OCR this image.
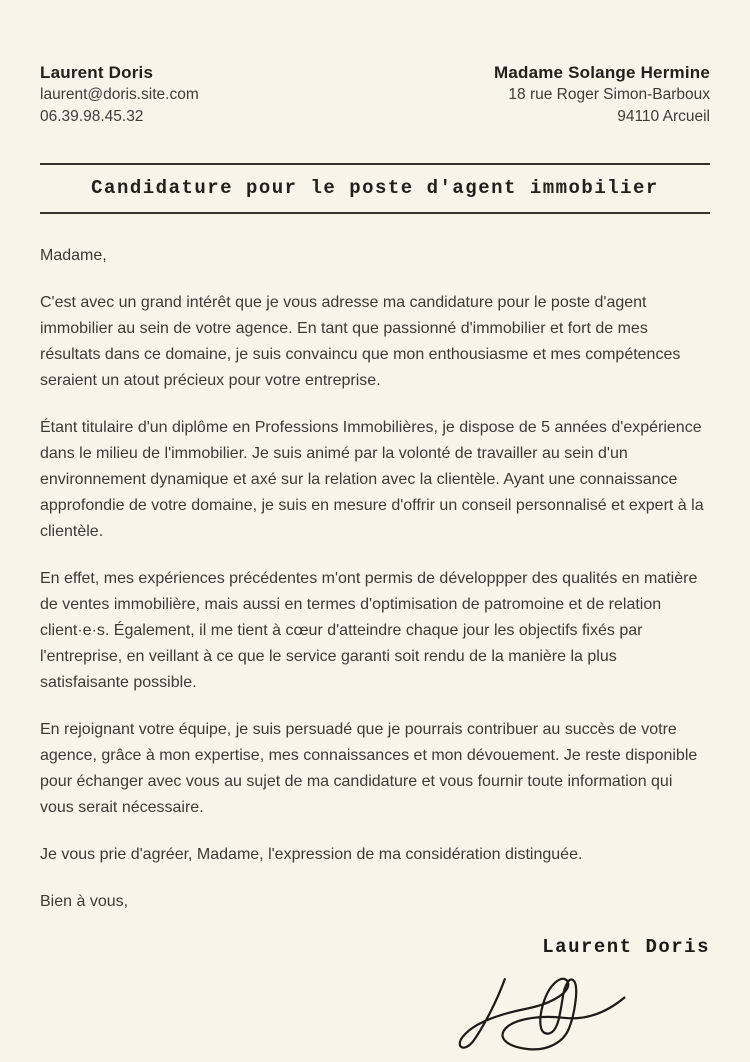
Laurent Doris
laurent@doris.site.com
06.39.98.45.32
Madame Solange Hermine
18 rue Roger Simon-Barboux
94110 Arcueil
Candidature pour le poste d'agent immobilier

Madame,

C'est avec un grand intérêt que je vous adresse ma candidature pour le poste d'agent immobilier au sein de votre agence. En tant que passionné d'immobilier et fort de mes résultats dans ce domaine, je suis convaincu que mon enthousiasme et mes compétences seraient un atout précieux pour votre entreprise.

Étant titulaire d'un diplôme en Professions Immobilières, je dispose de 5 années d'expérience dans le milieu de l'immobilier. Je suis animé par la volonté de travailler au sein d'un environnement dynamique et axé sur la relation avec la clientèle. Ayant une connaissance approfondie de votre domaine, je suis en mesure d'offrir un conseil personnalisé et expert à la clientèle.

En effet, mes expériences précédentes m'ont permis de développper des qualités en matière de ventes immobilière, mais aussi en termes d'optimisation de patromoine et de relation client·e·s. Également, il me tient à cœur d'atteindre chaque jour les objectifs fixés par l'entreprise, en veillant à ce que le service garanti soit rendu de la manière la plus satisfaisante possible.

En rejoignant votre équipe, je suis persuadé que je pourrais contribuer au succès de votre agence, grâce à mon expertise, mes connaissances et mon dévouement. Je reste disponible pour échanger avec vous au sujet de ma candidature et vous fournir toute information qui vous serait nécessaire.

Je vous prie d'agréer, Madame, l'expression de ma considération distinguée.

Bien à vous,

Laurent Doris
